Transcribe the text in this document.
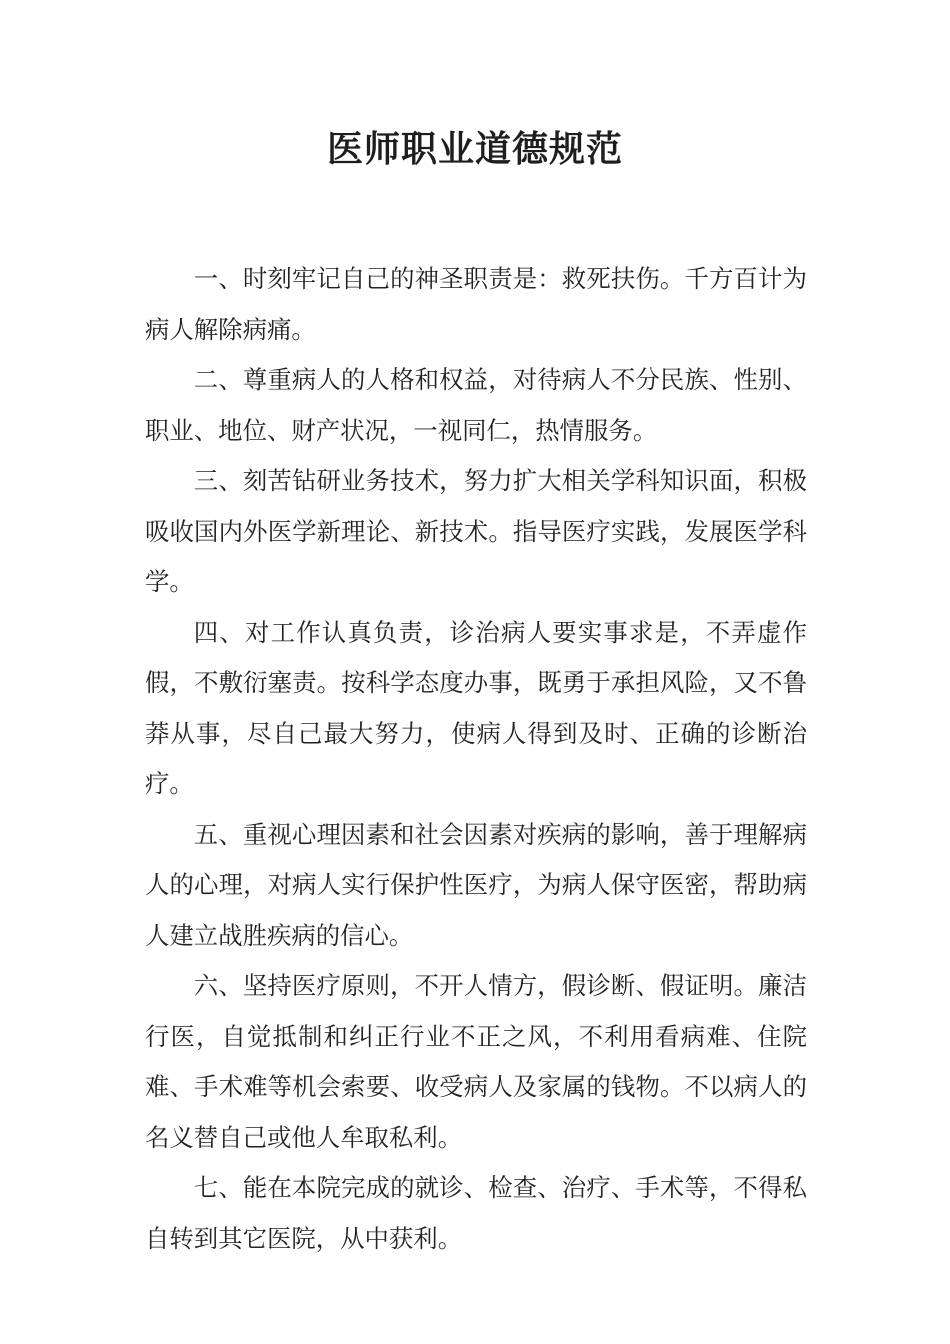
医师职业道德规范

一、时刻牢记自己的神圣职责是：救死扶伤。千方百计为病人解除病痛。

二、尊重病人的人格和权益，对待病人不分民族、性别、职业、地位、财产状况，一视同仁，热情服务。

三、刻苦钻研业务技术，努力扩大相关学科知识面，积极吸收国内外医学新理论、新技术。指导医疗实践，发展医学科学。

四、对工作认真负责，诊治病人要实事求是，不弄虚作假，不敷衍塞责。按科学态度办事，既勇于承担风险，又不鲁莽从事，尽自己最大努力，使病人得到及时、正确的诊断治疗。

五、重视心理因素和社会因素对疾病的影响，善于理解病人的心理，对病人实行保护性医疗，为病人保守医密，帮助病人建立战胜疾病的信心。

六、坚持医疗原则，不开人情方，假诊断、假证明。廉洁行医，自觉抵制和纠正行业不正之风，不利用看病难、住院难、手术难等机会索要、收受病人及家属的钱物。不以病人的名义替自己或他人牟取私利。

七、能在本院完成的就诊、检查、治疗、手术等，不得私自转到其它医院，从中获利。
